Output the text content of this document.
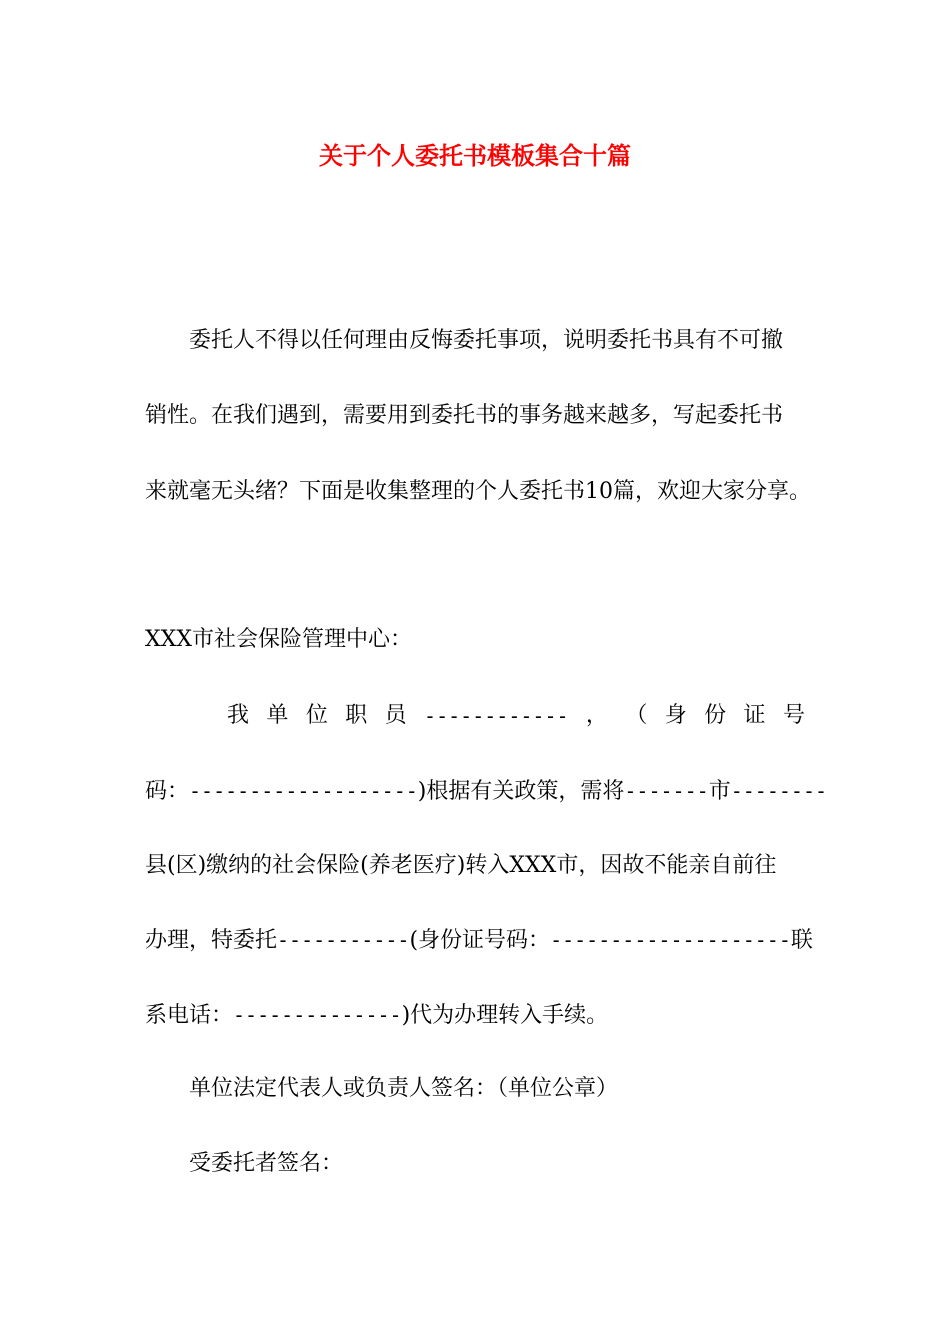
关于个人委托书模板集合十篇
委托人不得以任何理由反悔委托事项，说明委托书具有不可撤
销性。在我们遇到，需要用到委托书的事务越来越多，写起委托书
来就毫无头绪？下面是收集整理的个人委托书10篇，欢迎大家分享。
XXX市社会保险管理中心：
我 单 位 职 员 ------------ ， （ 身 份 证 号
码：-------------------)根据有关政策，需将-------市--------
县(区)缴纳的社会保险(养老医疗)转入XXX市，因故不能亲自前往
办理，特委托-----------(身份证号码：--------------------联
系电话：--------------)代为办理转入手续。
单位法定代表人或负责人签名：（单位公章）
受委托者签名：
